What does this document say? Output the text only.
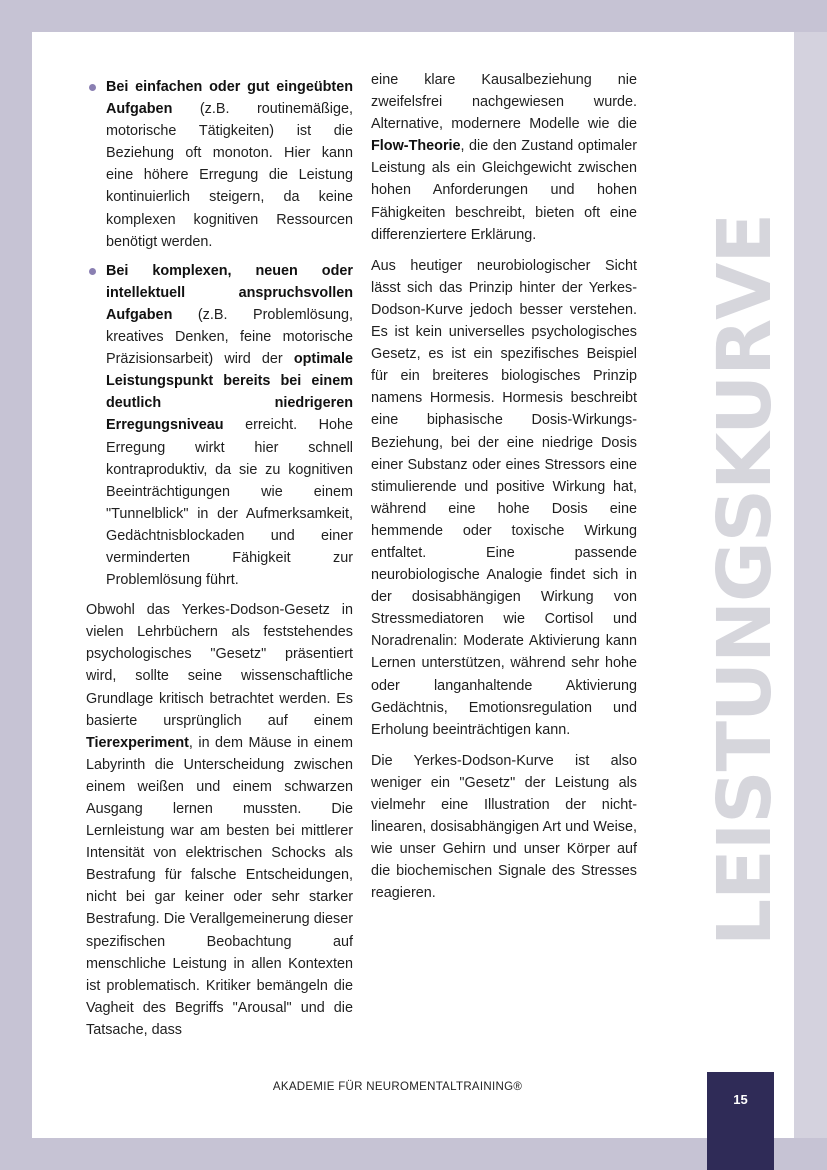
LEISTUNGSKURVE
Bei einfachen oder gut eingeübten Aufgaben (z.B. routinemäßige, motorische Tätigkeiten) ist die Beziehung oft monoton. Hier kann eine höhere Erregung die Leistung kontinuierlich steigern, da keine komplexen kognitiven Ressourcen benötigt werden.
Bei komplexen, neuen oder intellektuell anspruchsvollen Aufgaben (z.B. Problemlösung, kreatives Denken, feine motorische Präzisionsarbeit) wird der optimale Leistungspunkt bereits bei einem deutlich niedrigeren Erregungsniveau erreicht. Hohe Erregung wirkt hier schnell kontraproduktiv, da sie zu kognitiven Beeinträchtigungen wie einem "Tunnelblick" in der Aufmerksamkeit, Gedächtnisblockaden und einer verminderten Fähigkeit zur Problemlösung führt.

Obwohl das Yerkes-Dodson-Gesetz in vielen Lehrbüchern als feststehendes psychologisches "Gesetz" präsentiert wird, sollte seine wissenschaftliche Grundlage kritisch betrachtet werden. Es basierte ursprünglich auf einem Tierexperiment, in dem Mäuse in einem Labyrinth die Unterscheidung zwischen einem weißen und einem schwarzen Ausgang lernen mussten. Die Lernleistung war am besten bei mittlerer Intensität von elektrischen Schocks als Bestrafung für falsche Entscheidungen, nicht bei gar keiner oder sehr starker Bestrafung. Die Verallgemeinerung dieser spezifischen Beobachtung auf menschliche Leistung in allen Kontexten ist problematisch. Kritiker bemängeln die Vagheit des Begriffs "Arousal" und die Tatsache, dass

eine klare Kausalbeziehung nie zweifelsfrei nachgewiesen wurde. Alternative, modernere Modelle wie die Flow-Theorie, die den Zustand optimaler Leistung als ein Gleichgewicht zwischen hohen Anforderungen und hohen Fähigkeiten beschreibt, bieten oft eine differenziertere Erklärung.

Aus heutiger neurobiologischer Sicht lässt sich das Prinzip hinter der Yerkes-Dodson-Kurve jedoch besser verstehen. Es ist kein universelles psychologisches Gesetz, es ist ein spezifisches Beispiel für ein breiteres biologisches Prinzip namens Hormesis. Hormesis beschreibt eine biphasische Dosis-Wirkungs-Beziehung, bei der eine niedrige Dosis einer Substanz oder eines Stressors eine stimulierende und positive Wirkung hat, während eine hohe Dosis eine hemmende oder toxische Wirkung entfaltet. Eine passende neurobiologische Analogie findet sich in der dosisabhängigen Wirkung von Stressmediatoren wie Cortisol und Noradrenalin: Moderate Aktivierung kann Lernen unterstützen, während sehr hohe oder langanhaltende Aktivierung Gedächtnis, Emotionsregulation und Erholung beeinträchtigen kann.

Die Yerkes-Dodson-Kurve ist also weniger ein "Gesetz" der Leistung als vielmehr eine Illustration der nicht-linearen, dosisabhängigen Art und Weise, wie unser Gehirn und unser Körper auf die biochemischen Signale des Stresses reagieren.

AKADEMIE FÜR NEUROMENTALTRAINING®
15
